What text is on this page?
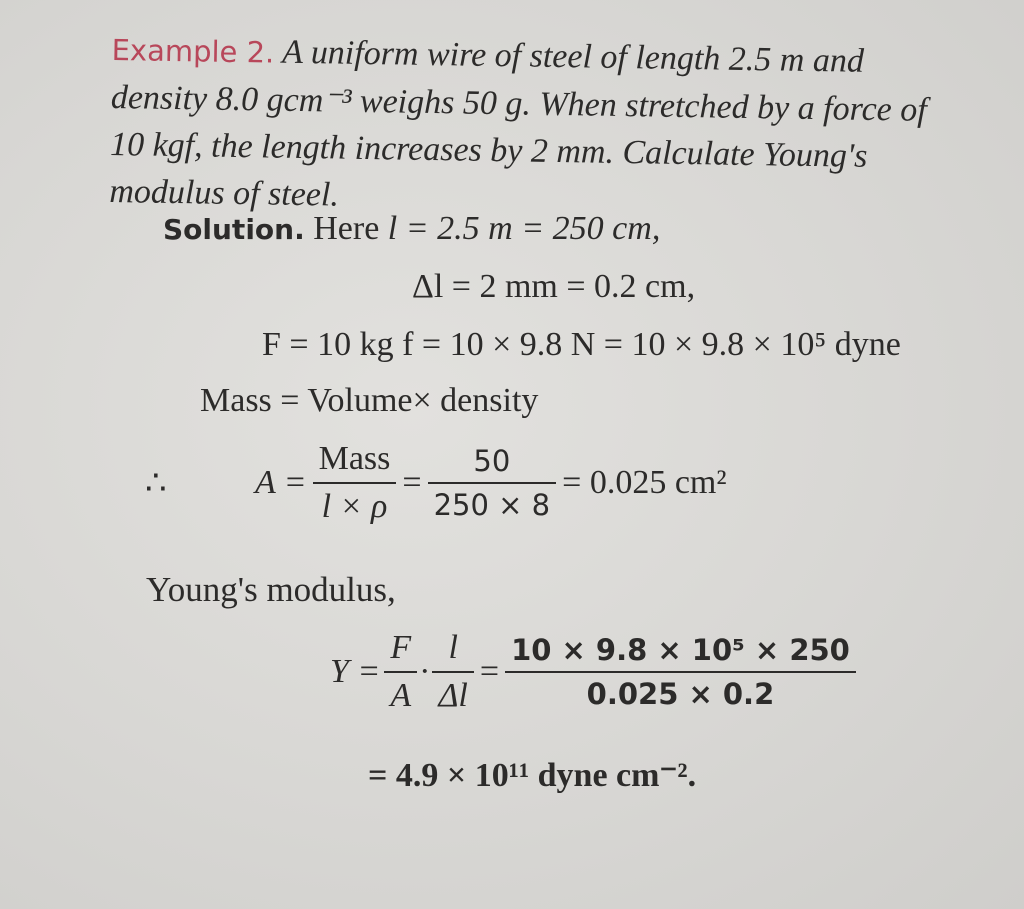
Example 2. A uniform wire of steel of length 2.5 m and
density 8.0 gcm⁻³ weighs 50 g. When stretched by a force of
10 kgf, the length increases by 2 mm. Calculate Young's
modulus of steel.
Solution. Here l = 2.5 m = 250 cm,
Δl = 2 mm = 0.2 cm,
F = 10 kg f = 10 × 9.8 N = 10 × 9.8 × 10⁵ dyne
Mass = Volume× density
∴	$A = \frac{\text{Mass}}{l \times \rho} = \frac{50}{250 \times 8} = 0.025$ cm²
Young's modulus,
$Y = \frac{F}{A} \cdot \frac{l}{\Delta l} = \frac{\text{10 × 9.8 × 10⁵ × 250}}{0.025 \times 0.2}$
= 4.9 × 10¹¹ dyne cm⁻².
